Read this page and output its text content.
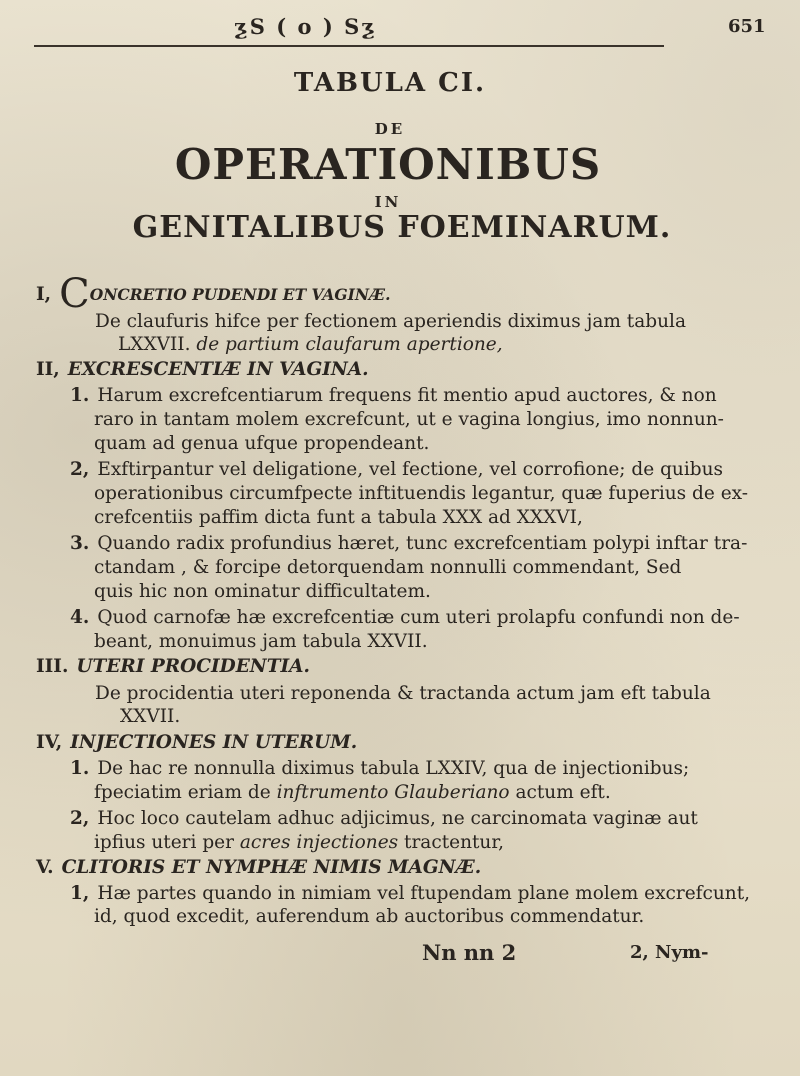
ƺS ( o ) Sƺ	651
TABULA CI.
DE
OPERATIONIBUS
IN
GENITALIBUS FOEMINARUM.
I, CONCRETIO PUDENDI ET VAGINÆ.
De claufuris hifce per fectionem aperiendis diximus jam tabula
LXXVII. de partium claufarum apertione,
II, EXCRESCENTIÆ IN VAGINA.
1. Harum excrefcentiarum frequens fit mentio apud auctores, & non
raro in tantam molem excrefcunt, ut e vagina longius, imo nonnun-
quam ad genua ufque propendeant.
2, Exftirpantur vel deligatione, vel fectione, vel corrofione; de quibus
operationibus circumfpecte inftituendis legantur, quæ fuperius de ex-
crefcentiis paffim dicta funt a tabula XXX ad XXXVI,
3. Quando radix profundius hæret, tunc excrefcentiam polypi inftar tra-
ctandam , & forcipe detorquendam nonnulli commendant, Sed
quis hic non ominatur difficultatem.
4. Quod carnofæ hæ excrefcentiæ cum uteri prolapfu confundi non de-
beant, monuimus jam tabula XXVII.
III. UTERI PROCIDENTIA.
De procidentia uteri reponenda & tractanda actum jam eft tabula
XXVII.
IV, INJECTIONES IN UTERUM.
1. De hac re nonnulla diximus tabula LXXIV, qua de injectionibus;
fpeciatim eriam de inftrumento Glauberiano actum eft.
2, Hoc loco cautelam adhuc adjicimus, ne carcinomata vaginæ aut
ipfius uteri per acres injectiones tractentur,
V. CLITORIS ET NYMPHÆ NIMIS MAGNÆ.
1, Hæ partes quando in nimiam vel ftupendam plane molem excrefcunt,
id, quod excedit, auferendum ab auctoribus commendatur.
Nn nn 2	2, Nym-
